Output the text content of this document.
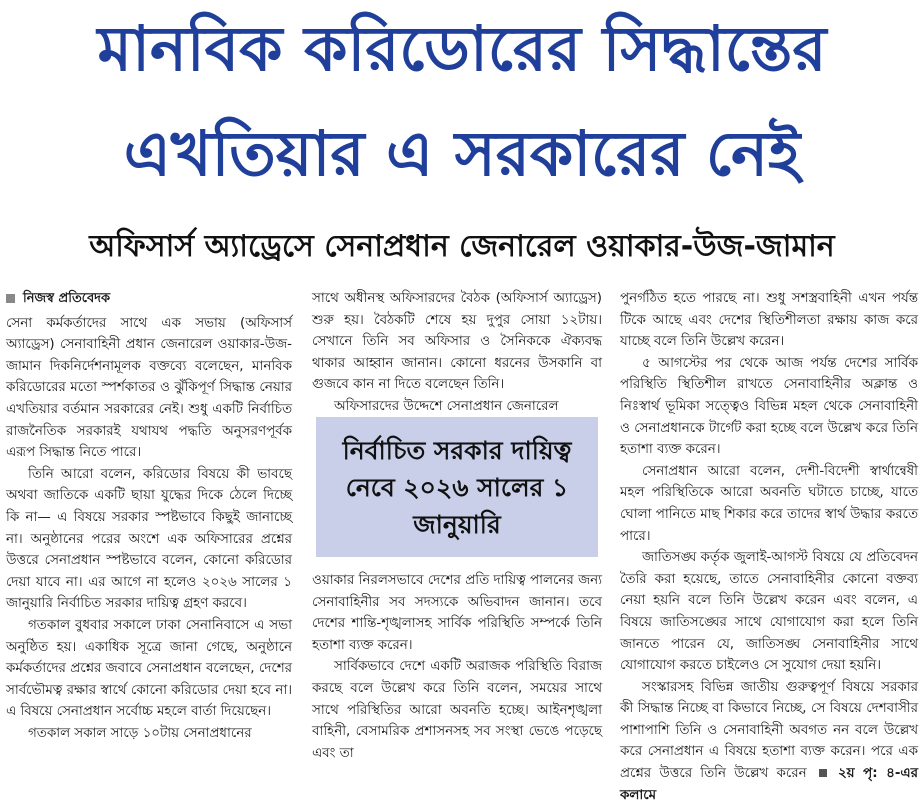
মানবিক করিডোরের সিদ্ধান্তের
এখতিয়ার এ সরকারের নেই
অফিসার্স অ্যাড্রেসে সেনাপ্রধান জেনারেল ওয়াকার-উজ-জামান
নিজস্ব প্রতিবেদক

সেনা কর্মকর্তাদের সাথে এক সভায় (অফিসার্স অ্যাড্রেস) সেনাবাহিনী প্রধান জেনারেল ওয়াকার-উজ-জামান দিকনির্দেশনামূলক বক্তব্যে বলেছেন, মানবিক করিডোরের মতো স্পর্শকাতর ও ঝুঁকিপূর্ণ সিদ্ধান্ত নেয়ার এখতিয়ার বর্তমান সরকারের নেই। শুধু একটি নির্বাচিত রাজনৈতিক সরকারই যথাযথ পদ্ধতি অনুসরণপূর্বক এরূপ সিদ্ধান্ত নিতে পারে।

তিনি আরো বলেন, করিডোর বিষয়ে কী ভাবছে অথবা জাতিকে একটি ছায়া যুদ্ধের দিকে ঠেলে দিচ্ছে কি না— এ বিষয়ে সরকার স্পষ্টভাবে কিছুই জানাচ্ছে না। অনুষ্ঠানের পরের অংশে এক অফিসারের প্রশ্নের উত্তরে সেনাপ্রধান স্পষ্টভাবে বলেন, কোনো করিডোর দেয়া যাবে না। এর আগে না হলেও ২০২৬ সালের ১ জানুয়ারি নির্বাচিত সরকার দায়িত্ব গ্রহণ করবে।

গতকাল বুধবার সকালে ঢাকা সেনানিবাসে এ সভা অনুষ্ঠিত হয়। একাধিক সূত্রে জানা গেছে, অনুষ্ঠানে কর্মকর্তাদের প্রশ্নের জবাবে সেনাপ্রধান বলেছেন, দেশের সার্বভৌমত্ব রক্ষার স্বার্থে কোনো করিডোর দেয়া হবে না। এ বিষয়ে সেনাপ্রধান সর্বোচ্চ মহলে বার্তা দিয়েছেন।

গতকাল সকাল সাড়ে ১০টায় সেনাপ্রধানের

সাথে অধীনস্থ অফিসারদের বৈঠক (অফিসার্স অ্যাড্রেস) শুরু হয়। বৈঠকটি শেষে হয় দুপুর সোয়া ১২টায়। সেখানে তিনি সব অফিসার ও সৈনিককে ঐক্যবদ্ধ থাকার আহ্বান জানান। কোনো ধরনের উসকানি বা গুজবে কান না দিতে বলেছেন তিনি।

অফিসারদের উদ্দেশে সেনাপ্রধান জেনারেল

নির্বাচিত সরকার দায়িত্ব নেবে ২০২৬ সালের ১ জানুয়ারি

ওয়াকার নিরলসভাবে দেশের প্রতি দায়িত্ব পালনের জন্য সেনাবাহিনীর সব সদস্যকে অভিবাদন জানান। তবে দেশের শান্তি-শৃঙ্খলাসহ সার্বিক পরিস্থিতি সম্পর্কে তিনি হতাশা ব্যক্ত করেন।

সার্বিকভাবে দেশে একটি অরাজক পরিস্থিতি বিরাজ করছে বলে উল্লেখ করে তিনি বলেন, সময়ের সাথে সাথে পরিস্থিতির আরো অবনতি হচ্ছে। আইনশৃঙ্খলা বাহিনী, বেসামরিক প্রশাসনসহ সব সংস্থা ভেঙে পড়েছে এবং তা

পুনর্গঠিত হতে পারছে না। শুধু সশস্ত্রবাহিনী এখন পর্যন্ত টিকে আছে এবং দেশের স্থিতিশীলতা রক্ষায় কাজ করে যাচ্ছে বলে তিনি উল্লেখ করেন।

৫ আগস্টের পর থেকে আজ পর্যন্ত দেশের সার্বিক পরিস্থিতি স্থিতিশীল রাখতে সেনাবাহিনীর অক্লান্ত ও নিঃস্বার্থ ভূমিকা সত্ত্বেও বিভিন্ন মহল থেকে সেনাবাহিনী ও সেনাপ্রধানকে টার্গেট করা হচ্ছে বলে উল্লেখ করে তিনি হতাশা ব্যক্ত করেন।

সেনাপ্রধান আরো বলেন, দেশী-বিদেশী স্বার্থান্বেষী মহল পরিস্থিতিকে আরো অবনতি ঘটাতে চাচ্ছে, যাতে ঘোলা পানিতে মাছ শিকার করে তাদের স্বার্থ উদ্ধার করতে পারে।

জাতিসঙ্ঘ কর্তৃক জুলাই-আগস্ট বিষয়ে যে প্রতিবেদন তৈরি করা হয়েছে, তাতে সেনাবাহিনীর কোনো বক্তব্য নেয়া হয়নি বলে তিনি উল্লেখ করেন এবং বলেন, এ বিষয়ে জাতিসঙ্ঘের সাথে যোগাযোগ করা হলে তিনি জানতে পারেন যে, জাতিসঙ্ঘ সেনাবাহিনীর সাথে যোগাযোগ করতে চাইলেও সে সুযোগ দেয়া হয়নি।

সংস্কারসহ বিভিন্ন জাতীয় গুরুত্বপূর্ণ বিষয়ে সরকার কী সিদ্ধান্ত নিচ্ছে বা কিভাবে নিচ্ছে, সে বিষয়ে দেশবাসীর পাশাপাশি তিনি ও সেনাবাহিনী অবগত নন বলে উল্লেখ করে সেনাপ্রধান এ বিষয়ে হতাশা ব্যক্ত করেন। পরে এক প্রশ্নের উত্তরে তিনি উল্লেখ করেন ২য় পৃ: ৪-এর কলামে
